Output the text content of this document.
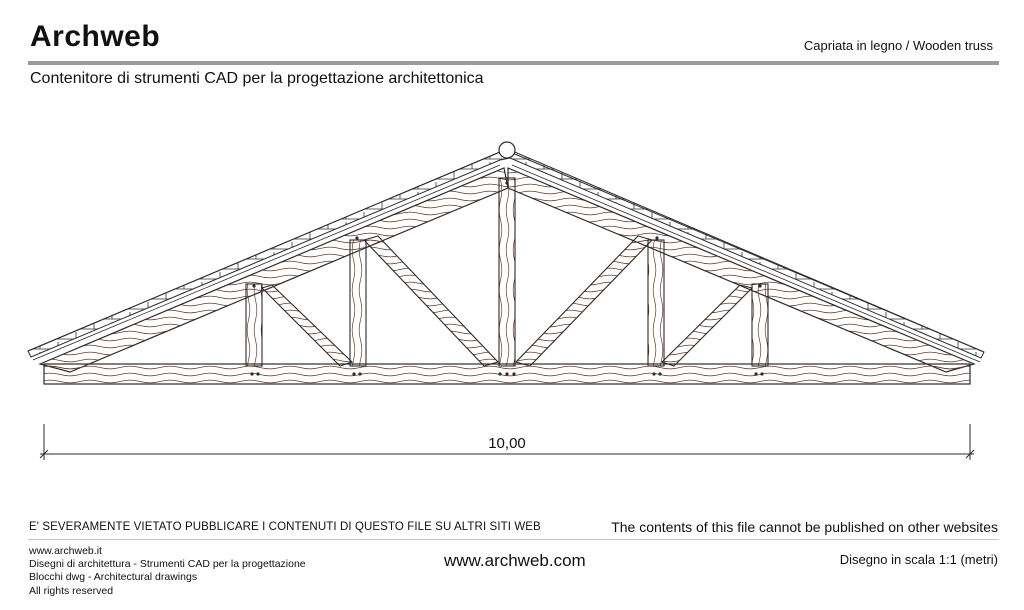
Archweb	Capriata in legno / Wooden truss
Contenitore di strumenti CAD per la progettazione architettonica
10,00
E' SEVERAMENTE VIETATO PUBBLICARE I CONTENUTI DI QUESTO FILE SU ALTRI SITI WEB	The contents of this file cannot be published on other websites
www.archweb.it
Disegni di architettura - Strumenti CAD per la progettazione
Blocchi dwg - Architectural drawings
All rights reserved
www.archweb.com	Disegno in scala 1:1 (metri)
